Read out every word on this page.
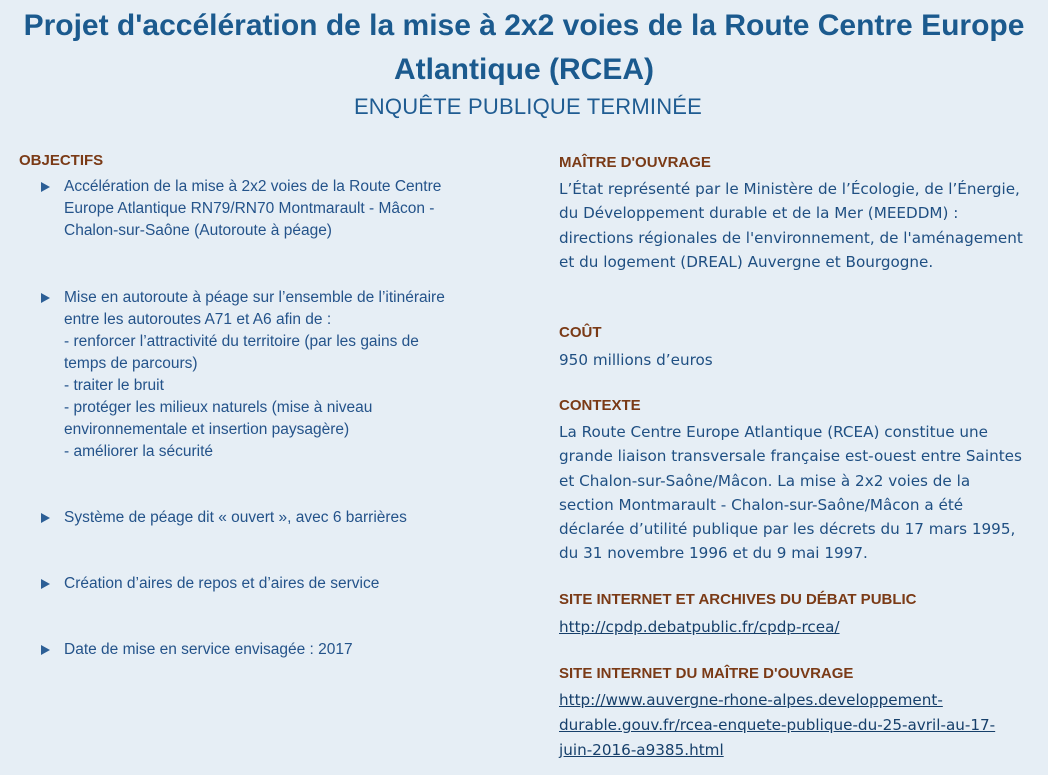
Projet d'accélération de la mise à 2x2 voies de la Route Centre Europe
Atlantique (RCEA)
ENQUÊTE PUBLIQUE TERMINÉE
OBJECTIFS
Accélération de la mise à 2x2 voies de la Route Centre
Europe Atlantique RN79/RN70 Montmarault - Mâcon -
Chalon-sur-Saône (Autoroute à péage)
Mise en autoroute à péage sur l’ensemble de l’itinéraire
entre les autoroutes A71 et A6 afin de :
- renforcer l’attractivité du territoire (par les gains de
temps de parcours)
- traiter le bruit
- protéger les milieux naturels (mise à niveau
environnementale et insertion paysagère)
- améliorer la sécurité
Système de péage dit « ouvert », avec 6 barrières
Création d’aires de repos et d’aires de service
Date de mise en service envisagée : 2017
MAÎTRE D'OUVRAGE
L’État représenté par le Ministère de l’Écologie, de l’Énergie, du Développement durable et de la Mer (MEEDDM) : directions régionales de l'environnement, de l'aménagement et du logement (DREAL) Auvergne et Bourgogne.
COÛT
950 millions d’euros
CONTEXTE
La Route Centre Europe Atlantique (RCEA) constitue une grande liaison transversale française est-ouest entre Saintes et Chalon-sur-Saône/Mâcon. La mise à 2x2 voies de la section Montmarault - Chalon-sur-Saône/Mâcon a été déclarée d’utilité publique par les décrets du 17 mars 1995, du 31 novembre 1996 et du 9 mai 1997.
SITE INTERNET ET ARCHIVES DU DÉBAT PUBLIC
http://cpdp.debatpublic.fr/cpdp-rcea/
SITE INTERNET DU MAÎTRE D'OUVRAGE
http://www.auvergne-rhone-alpes.developpement-
durable.gouv.fr/rcea-enquete-publique-du-25-avril-au-17-
juin-2016-a9385.html
